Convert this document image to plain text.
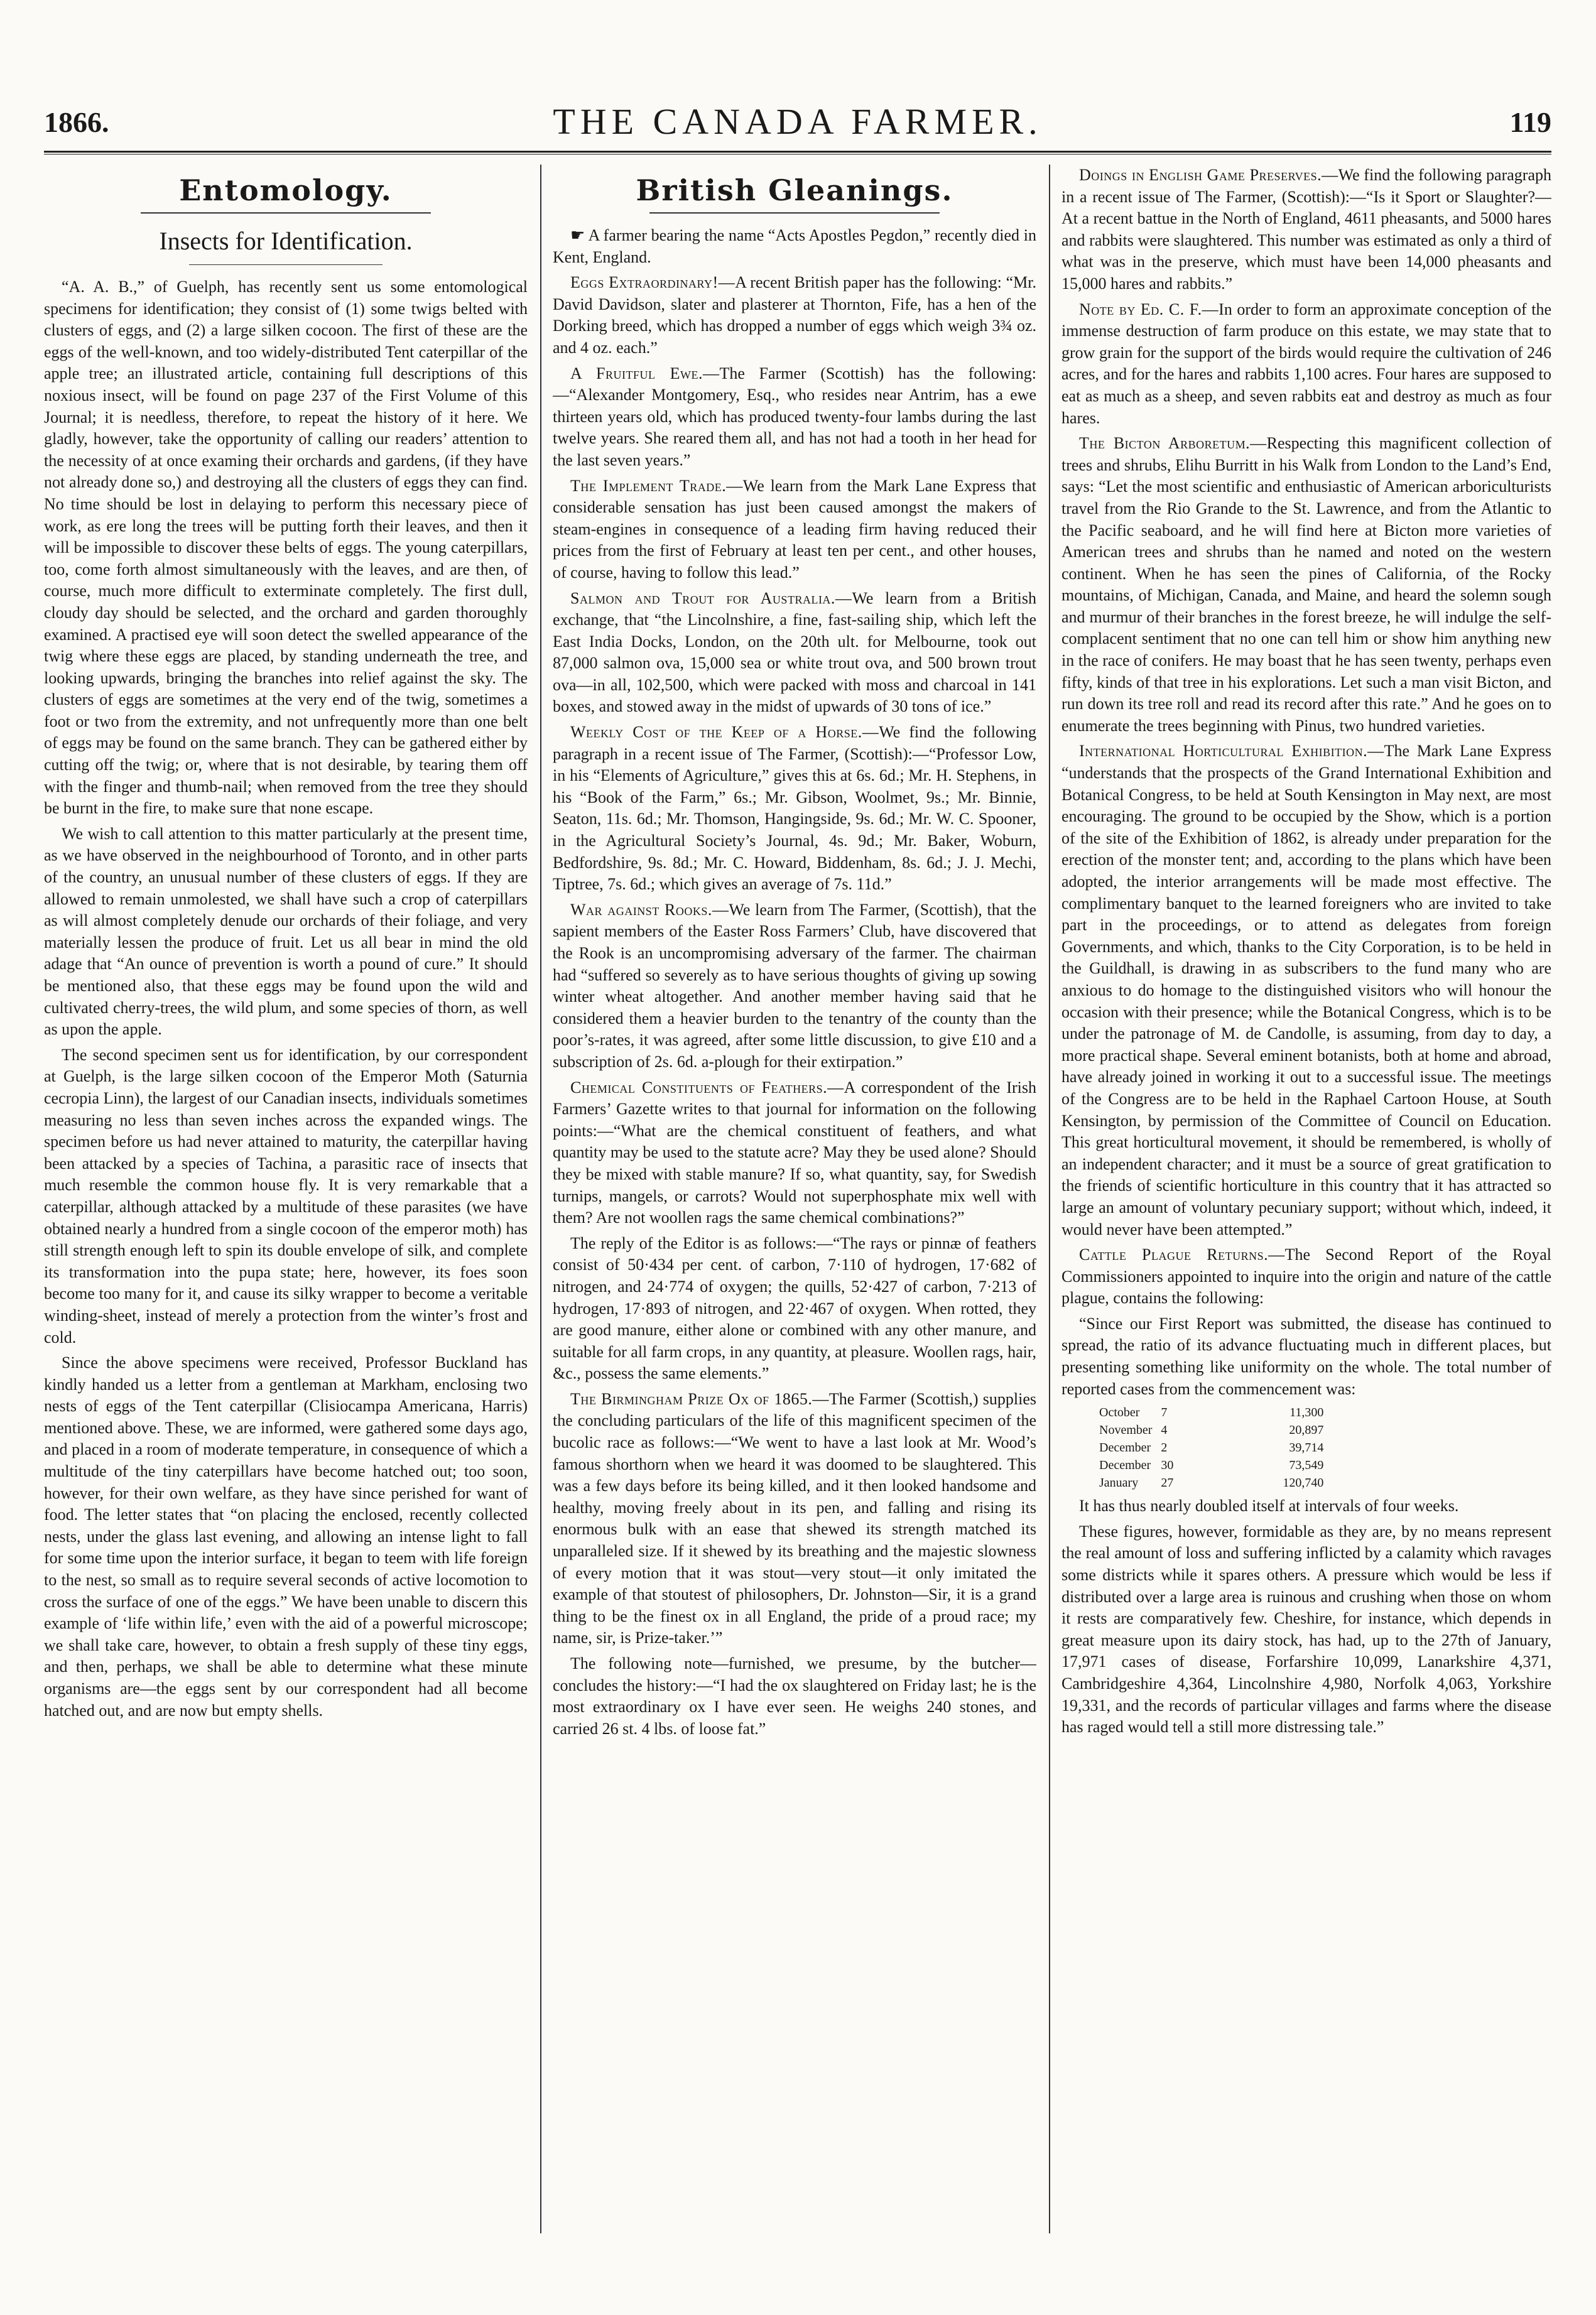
1866.	THE CANADA FARMER.	119
Entomology.
Insects for Identification.

“A. A. B.,” of Guelph, has recently sent us some entomological specimens for identification; they consist of (1) some twigs belted with clusters of eggs, and (2) a large silken cocoon. The first of these are the eggs of the well-known, and too widely-distributed Tent caterpillar of the apple tree; an illustrated article, containing full descriptions of this noxious insect, will be found on page 237 of the First Volume of this Journal; it is needless, therefore, to repeat the history of it here. We gladly, however, take the opportunity of calling our readers’ attention to the necessity of at once examing their orchards and gardens, (if they have not already done so,) and destroying all the clusters of eggs they can find. No time should be lost in delaying to perform this necessary piece of work, as ere long the trees will be putting forth their leaves, and then it will be impossible to discover these belts of eggs. The young caterpillars, too, come forth almost simultaneously with the leaves, and are then, of course, much more difficult to exterminate completely. The first dull, cloudy day should be selected, and the orchard and garden thoroughly examined. A practised eye will soon detect the swelled appearance of the twig where these eggs are placed, by standing underneath the tree, and looking upwards, bringing the branches into relief against the sky. The clusters of eggs are sometimes at the very end of the twig, sometimes a foot or two from the extremity, and not unfrequently more than one belt of eggs may be found on the same branch. They can be gathered either by cutting off the twig; or, where that is not desirable, by tearing them off with the finger and thumb-nail; when removed from the tree they should be burnt in the fire, to make sure that none escape.

We wish to call attention to this matter particularly at the present time, as we have observed in the neighbourhood of Toronto, and in other parts of the country, an unusual number of these clusters of eggs. If they are allowed to remain unmolested, we shall have such a crop of caterpillars as will almost completely denude our orchards of their foliage, and very materially lessen the produce of fruit. Let us all bear in mind the old adage that “An ounce of prevention is worth a pound of cure.” It should be mentioned also, that these eggs may be found upon the wild and cultivated cherry-trees, the wild plum, and some species of thorn, as well as upon the apple.

The second specimen sent us for identification, by our correspondent at Guelph, is the large silken cocoon of the Emperor Moth (Saturnia cecropia Linn), the largest of our Canadian insects, individuals sometimes measuring no less than seven inches across the expanded wings. The specimen before us had never attained to maturity, the caterpillar having been attacked by a species of Tachina, a parasitic race of insects that much resemble the common house fly. It is very remarkable that a caterpillar, although attacked by a multitude of these parasites (we have obtained nearly a hundred from a single cocoon of the emperor moth) has still strength enough left to spin its double envelope of silk, and complete its transformation into the pupa state; here, however, its foes soon become too many for it, and cause its silky wrapper to become a veritable winding-sheet, instead of merely a protection from the winter’s frost and cold.

Since the above specimens were received, Professor Buckland has kindly handed us a letter from a gentleman at Markham, enclosing two nests of eggs of the Tent caterpillar (Clisiocampa Americana, Harris) mentioned above. These, we are informed, were gathered some days ago, and placed in a room of moderate temperature, in consequence of which a multitude of the tiny caterpillars have become hatched out; too soon, however, for their own welfare, as they have since perished for want of food. The letter states that “on placing the enclosed, recently collected nests, under the glass last evening, and allowing an intense light to fall for some time upon the interior surface, it began to teem with life foreign to the nest, so small as to require several seconds of active locomotion to cross the surface of one of the eggs.” We have been unable to discern this example of ‘life within life,’ even with the aid of a powerful microscope; we shall take care, however, to obtain a fresh supply of these tiny eggs, and then, perhaps, we shall be able to determine what these minute organisms are—the eggs sent by our correspondent had all become hatched out, and are now but empty shells.

British Gleanings.

☛ A farmer bearing the name “Acts Apostles Pegdon,” recently died in Kent, England.

Eggs Extraordinary!—A recent British paper has the following: “Mr. David Davidson, slater and plasterer at Thornton, Fife, has a hen of the Dorking breed, which has dropped a number of eggs which weigh 3¾ oz. and 4 oz. each.”

A Fruitful Ewe.—The Farmer (Scottish) has the following:—“Alexander Montgomery, Esq., who resides near Antrim, has a ewe thirteen years old, which has produced twenty-four lambs during the last twelve years. She reared them all, and has not had a tooth in her head for the last seven years.”

The Implement Trade.—We learn from the Mark Lane Express that considerable sensation has just been caused amongst the makers of steam-engines in consequence of a leading firm having reduced their prices from the first of February at least ten per cent., and other houses, of course, having to follow this lead.”

Salmon and Trout for Australia.—We learn from a British exchange, that “the Lincolnshire, a fine, fast-sailing ship, which left the East India Docks, London, on the 20th ult. for Melbourne, took out 87,000 salmon ova, 15,000 sea or white trout ova, and 500 brown trout ova—in all, 102,500, which were packed with moss and charcoal in 141 boxes, and stowed away in the midst of upwards of 30 tons of ice.”

Weekly Cost of the Keep of a Horse.—We find the following paragraph in a recent issue of The Farmer, (Scottish):—“Professor Low, in his “Elements of Agriculture,” gives this at 6s. 6d.; Mr. H. Stephens, in his “Book of the Farm,” 6s.; Mr. Gibson, Woolmet, 9s.; Mr. Binnie, Seaton, 11s. 6d.; Mr. Thomson, Hangingside, 9s. 6d.; Mr. W. C. Spooner, in the Agricultural Society’s Journal, 4s. 9d.; Mr. Baker, Woburn, Bedfordshire, 9s. 8d.; Mr. C. Howard, Biddenham, 8s. 6d.; J. J. Mechi, Tiptree, 7s. 6d.; which gives an average of 7s. 11d.”

War against Rooks.—We learn from The Farmer, (Scottish), that the sapient members of the Easter Ross Farmers’ Club, have discovered that the Rook is an uncompromising adversary of the farmer. The chairman had “suffered so severely as to have serious thoughts of giving up sowing winter wheat altogether. And another member having said that he considered them a heavier burden to the tenantry of the county than the poor’s-rates, it was agreed, after some little discussion, to give £10 and a subscription of 2s. 6d. a-plough for their extirpation.”

Chemical Constituents of Feathers.—A correspondent of the Irish Farmers’ Gazette writes to that journal for information on the following points:—“What are the chemical constituent of feathers, and what quantity may be used to the statute acre? May they be used alone? Should they be mixed with stable manure? If so, what quantity, say, for Swedish turnips, mangels, or carrots? Would not superphosphate mix well with them? Are not woollen rags the same chemical combinations?”

The reply of the Editor is as follows:—“The rays or pinnæ of feathers consist of 50·434 per cent. of carbon, 7·110 of hydrogen, 17·682 of nitrogen, and 24·774 of oxygen; the quills, 52·427 of carbon, 7·213 of hydrogen, 17·893 of nitrogen, and 22·467 of oxygen. When rotted, they are good manure, either alone or combined with any other manure, and suitable for all farm crops, in any quantity, at pleasure. Woollen rags, hair, &c., possess the same elements.”

The Birmingham Prize Ox of 1865.—The Farmer (Scottish,) supplies the concluding particulars of the life of this magnificent specimen of the bucolic race as follows:—“We went to have a last look at Mr. Wood’s famous shorthorn when we heard it was doomed to be slaughtered. This was a few days before its being killed, and it then looked handsome and healthy, moving freely about in its pen, and falling and rising its enormous bulk with an ease that shewed its strength matched its unparalleled size. If it shewed by its breathing and the majestic slowness of every motion that it was stout—very stout—it only imitated the example of that stoutest of philosophers, Dr. Johnston—Sir, it is a grand thing to be the finest ox in all England, the pride of a proud race; my name, sir, is Prize-taker.’”

The following note—furnished, we presume, by the butcher—concludes the history:—“I had the ox slaughtered on Friday last; he is the most extraordinary ox I have ever seen. He weighs 240 stones, and carried 26 st. 4 lbs. of loose fat.”

Doings in English Game Preserves.—We find the following paragraph in a recent issue of The Farmer, (Scottish):—“Is it Sport or Slaughter?—At a recent battue in the North of England, 4611 pheasants, and 5000 hares and rabbits were slaughtered. This number was estimated as only a third of what was in the preserve, which must have been 14,000 pheasants and 15,000 hares and rabbits.”

Note by Ed. C. F.—In order to form an approximate conception of the immense destruction of farm produce on this estate, we may state that to grow grain for the support of the birds would require the cultivation of 246 acres, and for the hares and rabbits 1,100 acres. Four hares are supposed to eat as much as a sheep, and seven rabbits eat and destroy as much as four hares.

The Bicton Arboretum.—Respecting this magnificent collection of trees and shrubs, Elihu Burritt in his Walk from London to the Land’s End, says: “Let the most scientific and enthusiastic of American arboriculturists travel from the Rio Grande to the St. Lawrence, and from the Atlantic to the Pacific seaboard, and he will find here at Bicton more varieties of American trees and shrubs than he named and noted on the western continent. When he has seen the pines of California, of the Rocky mountains, of Michigan, Canada, and Maine, and heard the solemn sough and murmur of their branches in the forest breeze, he will indulge the self-complacent sentiment that no one can tell him or show him anything new in the race of conifers. He may boast that he has seen twenty, perhaps even fifty, kinds of that tree in his explorations. Let such a man visit Bicton, and run down its tree roll and read its record after this rate.” And he goes on to enumerate the trees beginning with Pinus, two hundred varieties.

International Horticultural Exhibition.—The Mark Lane Express “understands that the prospects of the Grand International Exhibition and Botanical Congress, to be held at South Kensington in May next, are most encouraging. The ground to be occupied by the Show, which is a portion of the site of the Exhibition of 1862, is already under preparation for the erection of the monster tent; and, according to the plans which have been adopted, the interior arrangements will be made most effective. The complimentary banquet to the learned foreigners who are invited to take part in the proceedings, or to attend as delegates from foreign Governments, and which, thanks to the City Corporation, is to be held in the Guildhall, is drawing in as subscribers to the fund many who are anxious to do homage to the distinguished visitors who will honour the occasion with their presence; while the Botanical Congress, which is to be under the patronage of M. de Candolle, is assuming, from day to day, a more practical shape. Several eminent botanists, both at home and abroad, have already joined in working it out to a successful issue. The meetings of the Congress are to be held in the Raphael Cartoon House, at South Kensington, by permission of the Committee of Council on Education. This great horticultural movement, it should be remembered, is wholly of an independent character; and it must be a source of great gratification to the friends of scientific horticulture in this country that it has attracted so large an amount of voluntary pecuniary support; without which, indeed, it would never have been attempted.”

Cattle Plague Returns.—The Second Report of the Royal Commissioners appointed to inquire into the origin and nature of the cattle plague, contains the following:

“Since our First Report was submitted, the disease has continued to spread, the ratio of its advance fluctuating much in different places, but presenting something like uniformity on the whole. The total number of reported cases from the commencement was:

October	7	11,300
November	4	20,897
December	2	39,714
December	30	73,549
January	27	120,740

It has thus nearly doubled itself at intervals of four weeks.

These figures, however, formidable as they are, by no means represent the real amount of loss and suffering inflicted by a calamity which ravages some districts while it spares others. A pressure which would be less if distributed over a large area is ruinous and crushing when those on whom it rests are comparatively few. Cheshire, for instance, which depends in great measure upon its dairy stock, has had, up to the 27th of January, 17,971 cases of disease, Forfarshire 10,099, Lanarkshire 4,371, Cambridgeshire 4,364, Lincolnshire 4,980, Norfolk 4,063, Yorkshire 19,331, and the records of particular villages and farms where the disease has raged would tell a still more distressing tale.”
